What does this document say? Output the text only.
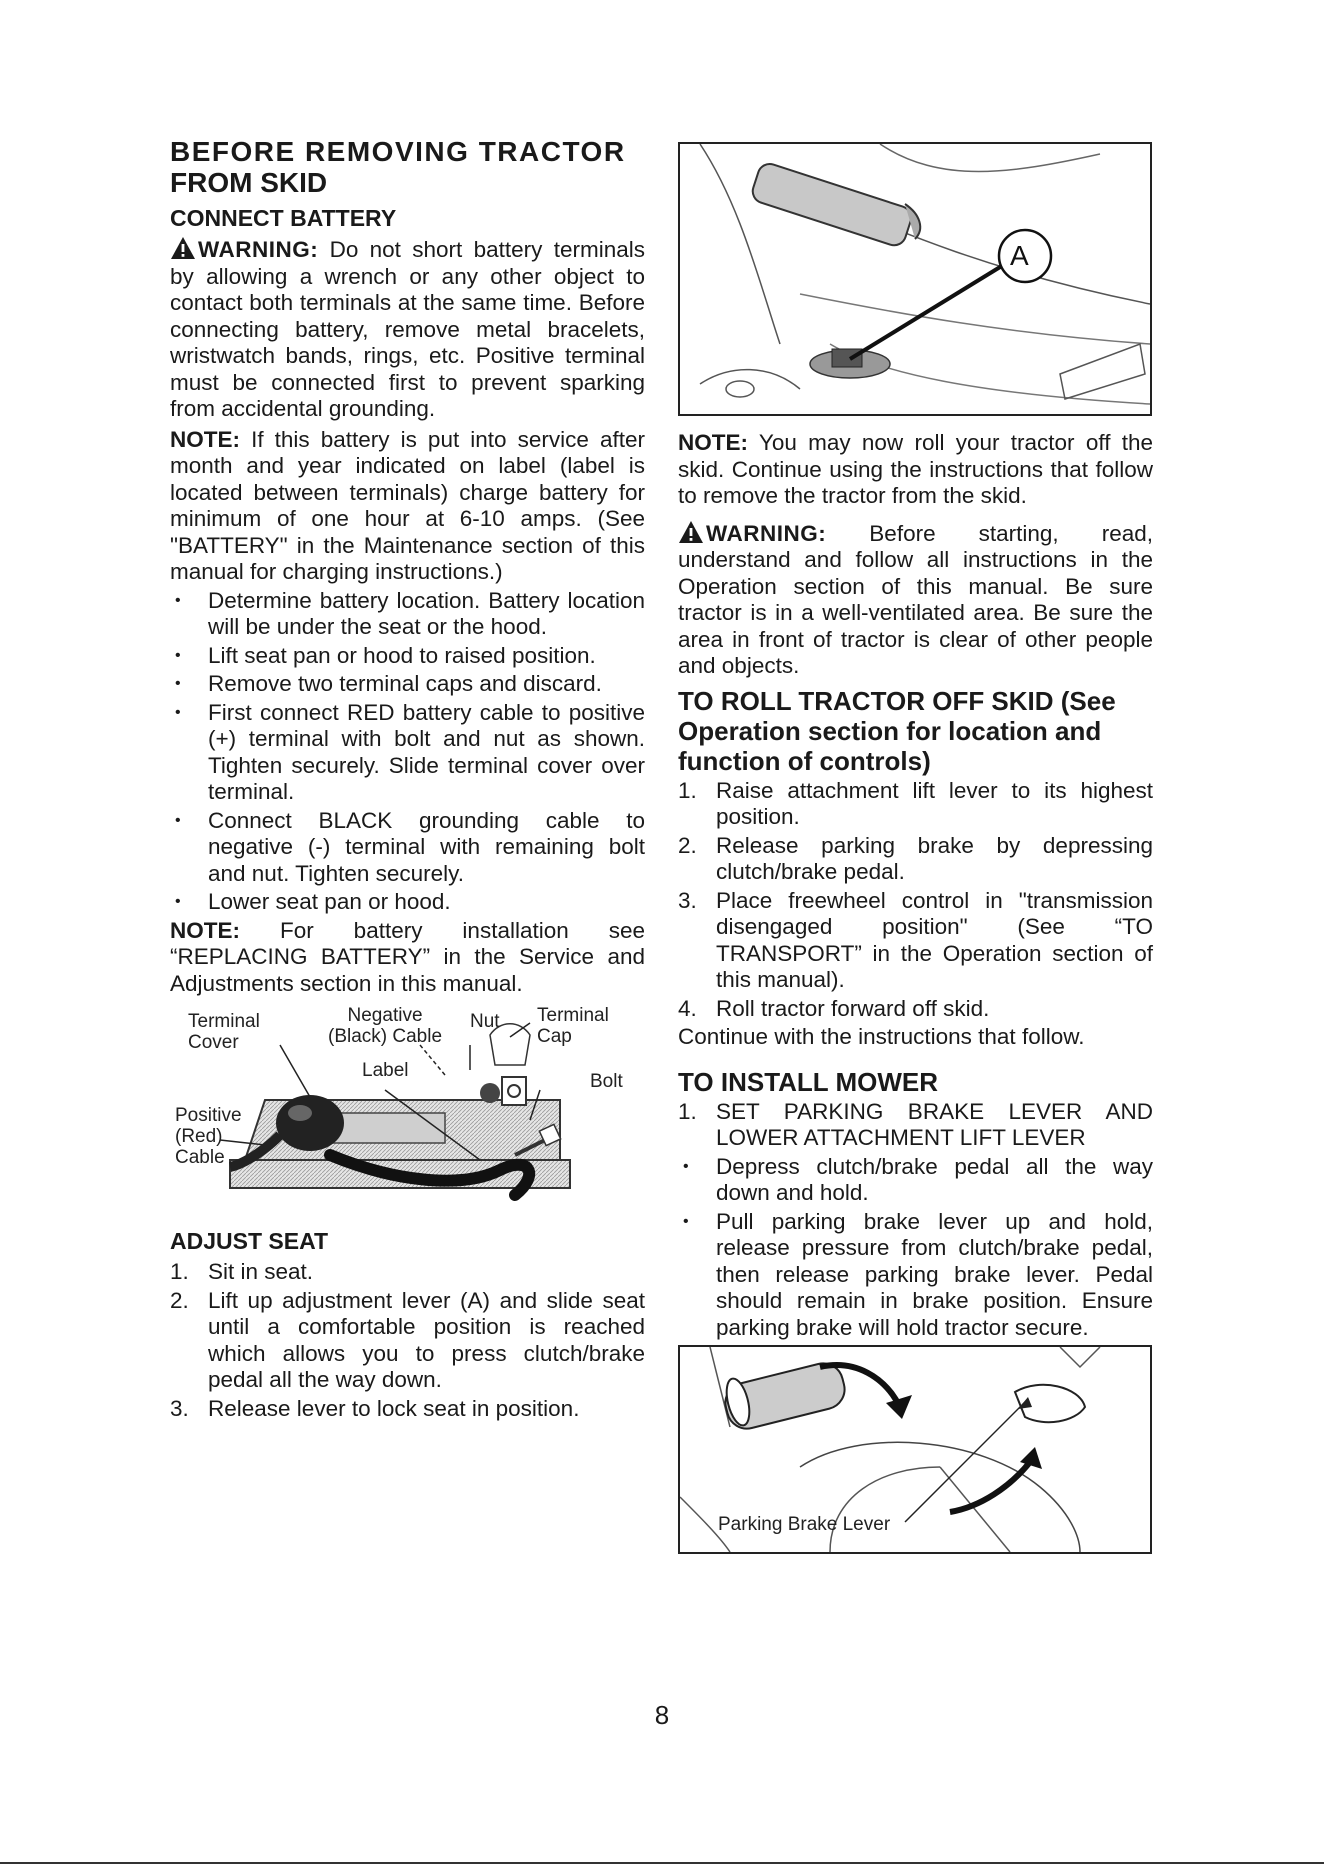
BEFORE REMOVING TRACTOR
FROM SKID
CONNECT BATTERY

WARNING: Do not short battery terminals by allowing a wrench or any other object to contact both terminals at the same time. Before connecting battery, remove metal bracelets, wristwatch bands, rings, etc. Positive terminal must be connected first to prevent sparking from accidental grounding.

NOTE: If this battery is put into service after month and year indicated on label (label is located between terminals) charge battery for minimum of one hour at 6-10 amps. (See "BATTERY" in the Maintenance section of this manual for charging instructions.)

• Determine battery location. Battery location will be under the seat or the hood.
• Lift seat pan or hood to raised position.
• Remove two terminal caps and discard.
• First connect RED battery cable to positive (+) terminal with bolt and nut as shown. Tighten securely. Slide terminal cover over terminal.
• Connect BLACK grounding cable to negative (-) terminal with remaining bolt and nut. Tighten securely.
• Lower seat pan or hood.

NOTE: For battery installation see “REPLACING BATTERY” in the Service and Adjustments section in this manual.

Terminal
Cover
Negative
(Black) Cable
Nut Terminal
Cap
Label
Bolt
Positive
(Red)
Cable
ADJUST SEAT
1. Sit in seat.
2. Lift up adjustment lever (A) and slide seat until a comfortable position is reached which allows you to press clutch/brake pedal all the way down.
3. Release lever to lock seat in position.
A

NOTE: You may now roll your tractor off the skid. Continue using the instructions that follow to remove the tractor from the skid.

WARNING: Before starting, read, understand and follow all instructions in the Operation section of this manual. Be sure tractor is in a well-ventilated area. Be sure the area in front of tractor is clear of other people and objects.

TO ROLL TRACTOR OFF SKID (See Operation section for location and function of controls)
1. Raise attachment lift lever to its highest position.
2. Release parking brake by depressing clutch/brake pedal.
3. Place freewheel control in "transmission disengaged position" (See “TO TRANSPORT” in the Operation section of this manual).
4. Roll tractor forward off skid.

Continue with the instructions that follow.

TO INSTALL MOWER
1. SET PARKING BRAKE LEVER AND LOWER ATTACHMENT LIFT LEVER
• Depress clutch/brake pedal all the way down and hold.
• Pull parking brake lever up and hold, release pressure from clutch/brake pedal, then release parking brake lever. Pedal should remain in brake position. Ensure parking brake will hold tractor secure.
Parking Brake Lever
8
